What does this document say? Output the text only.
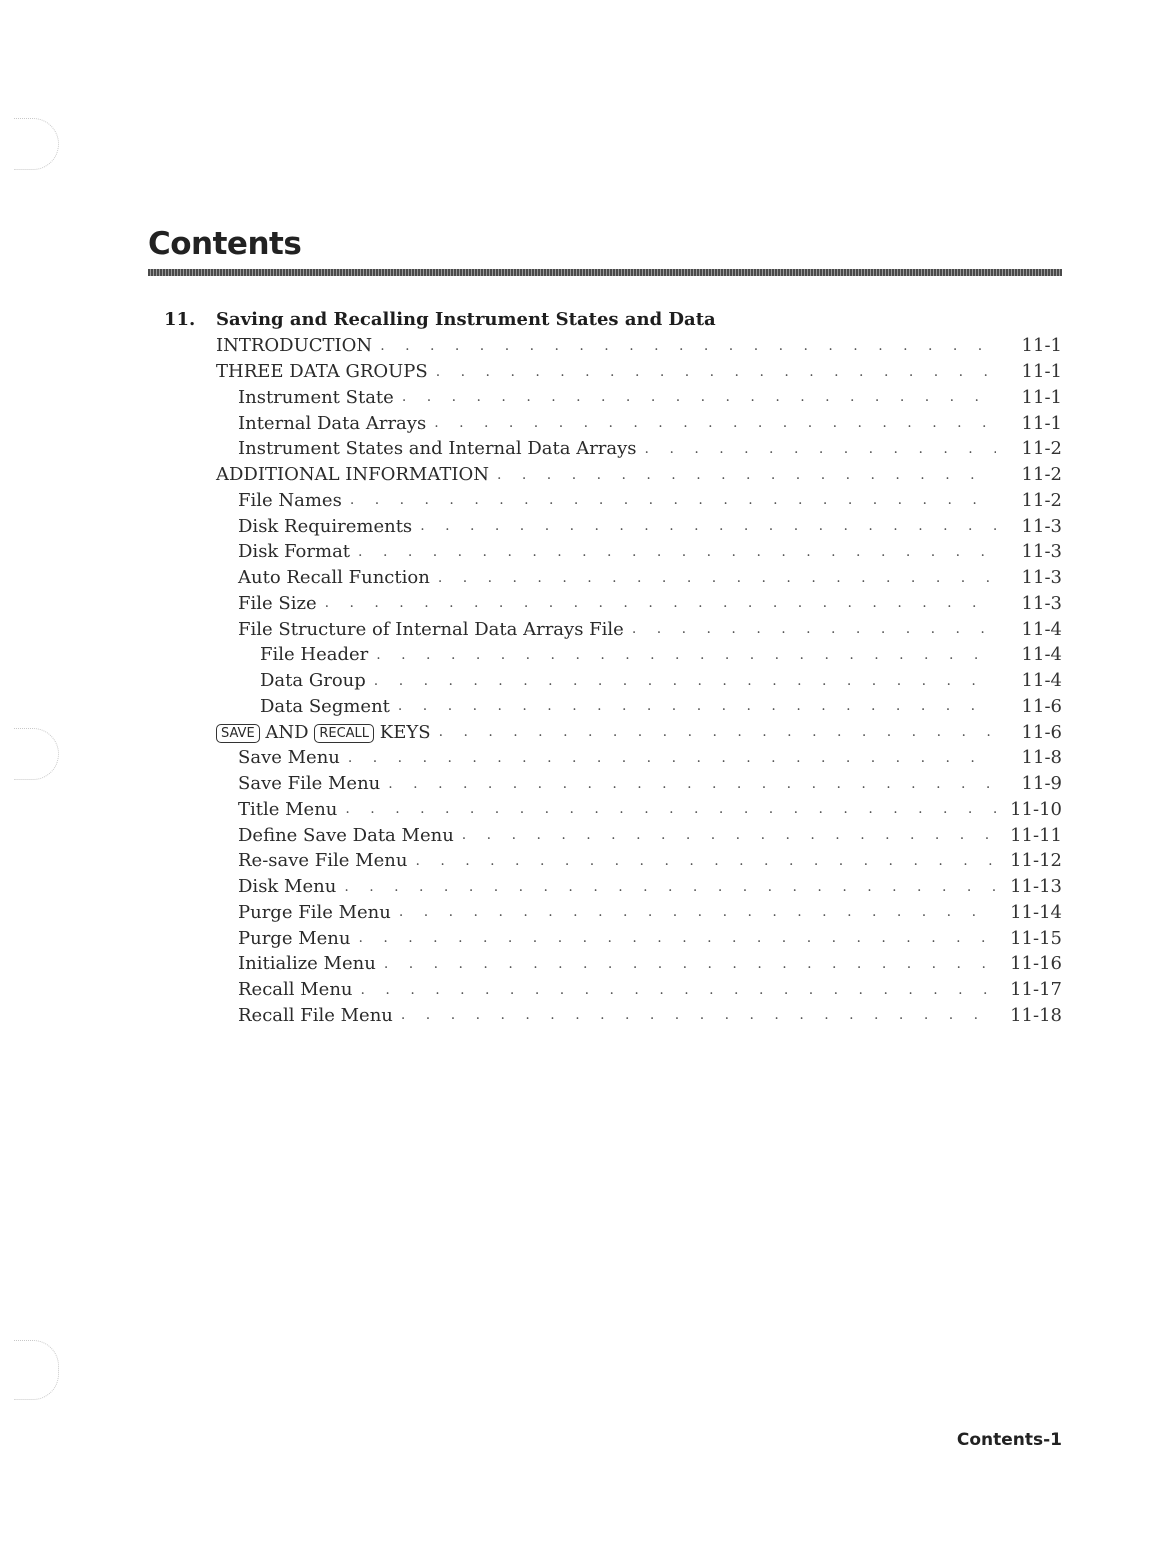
Contents
11. Saving and Recalling Instrument States and Data
INTRODUCTION . . .	11-1
THREE DATA GROUPS . . .	11-1
Instrument State . . .	11-1
Internal Data Arrays . . .	11-1
Instrument States and Internal Data Arrays . . .	11-2
ADDITIONAL INFORMATION . . .	11-2
File Names . . .	11-2
Disk Requirements . . .	11-3
Disk Format . . .	11-3
Auto Recall Function . . .	11-3
File Size . . .	11-3
File Structure of Internal Data Arrays File . . .	11-4
File Header . . .	11-4
Data Group . . .	11-4
Data Segment . . .	11-6
SAVE AND RECALL KEYS . . .	11-6
Save Menu . . .	11-8
Save File Menu . . .	11-9
Title Menu . . .	11-10
Define Save Data Menu . . .	11-11
Re-save File Menu . . .	11-12
Disk Menu . . .	11-13
Purge File Menu . . .	11-14
Purge Menu . . .	11-15
Initialize Menu . . .	11-16
Recall Menu . . .	11-17
Recall File Menu . . .	11-18
Contents-1
